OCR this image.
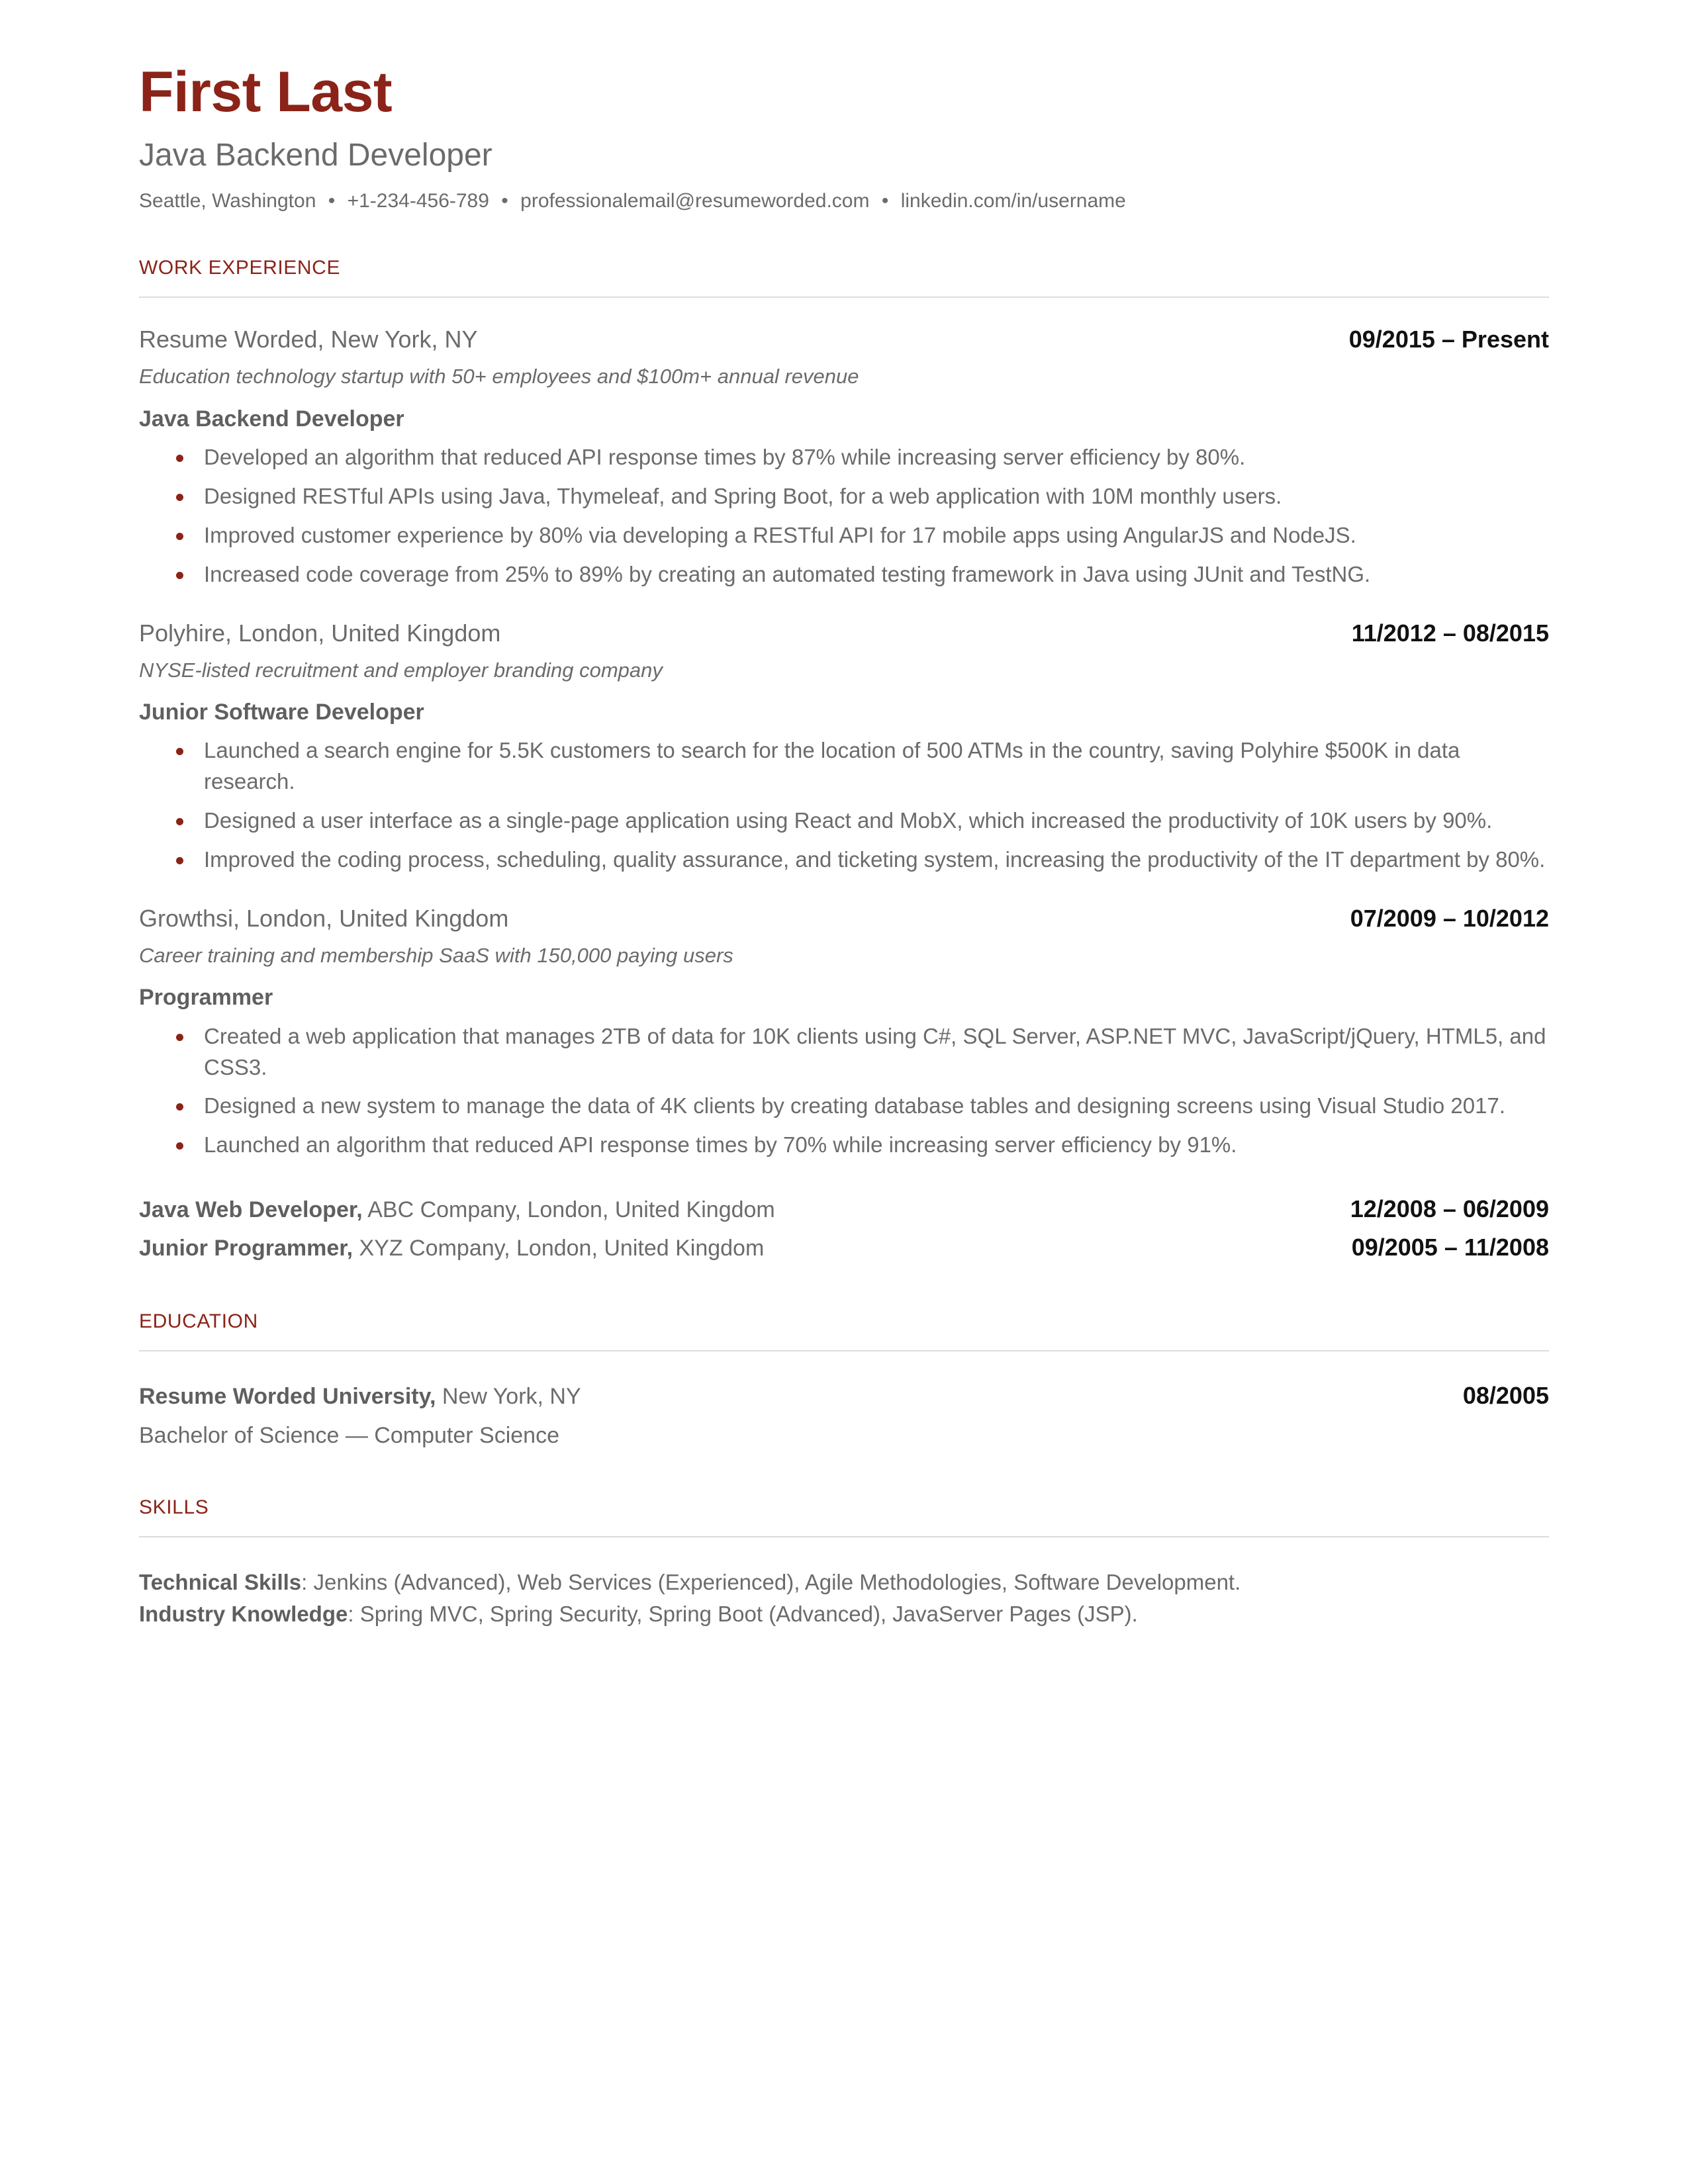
First Last
Java Backend Developer
Seattle, Washington • +1-234-456-789 • professionalemail@resumeworded.com • linkedin.com/in/username
WORK EXPERIENCE
Resume Worded, New York, NY	09/2015 – Present
Education technology startup with 50+ employees and $100m+ annual revenue
Java Backend Developer
Developed an algorithm that reduced API response times by 87% while increasing server efficiency by 80%.
Designed RESTful APIs using Java, Thymeleaf, and Spring Boot, for a web application with 10M monthly users.
Improved customer experience by 80% via developing a RESTful API for 17 mobile apps using AngularJS and NodeJS.
Increased code coverage from 25% to 89% by creating an automated testing framework in Java using JUnit and TestNG.
Polyhire, London, United Kingdom	11/2012 – 08/2015
NYSE-listed recruitment and employer branding company
Junior Software Developer
Launched a search engine for 5.5K customers to search for the location of 500 ATMs in the country, saving Polyhire $500K in data research.
Designed a user interface as a single-page application using React and MobX, which increased the productivity of 10K users by 90%.
Improved the coding process, scheduling, quality assurance, and ticketing system, increasing the productivity of the IT department by 80%.
Growthsi, London, United Kingdom	07/2009 – 10/2012
Career training and membership SaaS with 150,000 paying users
Programmer
Created a web application that manages 2TB of data for 10K clients using C#, SQL Server, ASP.NET MVC, JavaScript/jQuery, HTML5, and CSS3.
Designed a new system to manage the data of 4K clients by creating database tables and designing screens using Visual Studio 2017.
Launched an algorithm that reduced API response times by 70% while increasing server efficiency by 91%.
Java Web Developer, ABC Company, London, United Kingdom	12/2008 – 06/2009
Junior Programmer, XYZ Company, London, United Kingdom	09/2005 – 11/2008
EDUCATION
Resume Worded University, New York, NY	08/2005
Bachelor of Science — Computer Science
SKILLS
Technical Skills: Jenkins (Advanced), Web Services (Experienced), Agile Methodologies, Software Development.
Industry Knowledge: Spring MVC, Spring Security, Spring Boot (Advanced), JavaServer Pages (JSP).
